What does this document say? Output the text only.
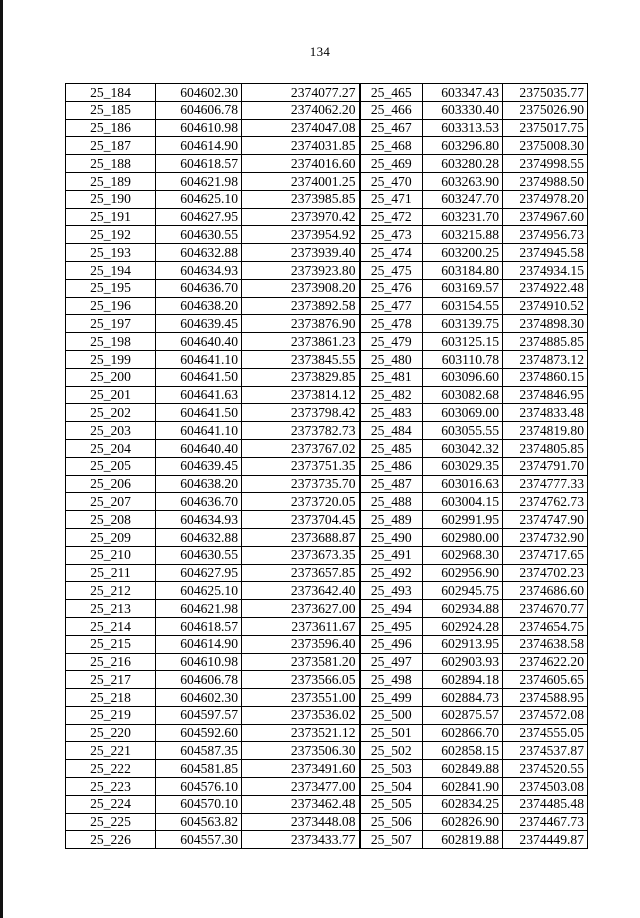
134
25_184	604602.30	2374077.27	25_465	603347.43	2375035.77
25_185	604606.78	2374062.20	25_466	603330.40	2375026.90
25_186	604610.98	2374047.08	25_467	603313.53	2375017.75
25_187	604614.90	2374031.85	25_468	603296.80	2375008.30
25_188	604618.57	2374016.60	25_469	603280.28	2374998.55
25_189	604621.98	2374001.25	25_470	603263.90	2374988.50
25_190	604625.10	2373985.85	25_471	603247.70	2374978.20
25_191	604627.95	2373970.42	25_472	603231.70	2374967.60
25_192	604630.55	2373954.92	25_473	603215.88	2374956.73
25_193	604632.88	2373939.40	25_474	603200.25	2374945.58
25_194	604634.93	2373923.80	25_475	603184.80	2374934.15
25_195	604636.70	2373908.20	25_476	603169.57	2374922.48
25_196	604638.20	2373892.58	25_477	603154.55	2374910.52
25_197	604639.45	2373876.90	25_478	603139.75	2374898.30
25_198	604640.40	2373861.23	25_479	603125.15	2374885.85
25_199	604641.10	2373845.55	25_480	603110.78	2374873.12
25_200	604641.50	2373829.85	25_481	603096.60	2374860.15
25_201	604641.63	2373814.12	25_482	603082.68	2374846.95
25_202	604641.50	2373798.42	25_483	603069.00	2374833.48
25_203	604641.10	2373782.73	25_484	603055.55	2374819.80
25_204	604640.40	2373767.02	25_485	603042.32	2374805.85
25_205	604639.45	2373751.35	25_486	603029.35	2374791.70
25_206	604638.20	2373735.70	25_487	603016.63	2374777.33
25_207	604636.70	2373720.05	25_488	603004.15	2374762.73
25_208	604634.93	2373704.45	25_489	602991.95	2374747.90
25_209	604632.88	2373688.87	25_490	602980.00	2374732.90
25_210	604630.55	2373673.35	25_491	602968.30	2374717.65
25_211	604627.95	2373657.85	25_492	602956.90	2374702.23
25_212	604625.10	2373642.40	25_493	602945.75	2374686.60
25_213	604621.98	2373627.00	25_494	602934.88	2374670.77
25_214	604618.57	2373611.67	25_495	602924.28	2374654.75
25_215	604614.90	2373596.40	25_496	602913.95	2374638.58
25_216	604610.98	2373581.20	25_497	602903.93	2374622.20
25_217	604606.78	2373566.05	25_498	602894.18	2374605.65
25_218	604602.30	2373551.00	25_499	602884.73	2374588.95
25_219	604597.57	2373536.02	25_500	602875.57	2374572.08
25_220	604592.60	2373521.12	25_501	602866.70	2374555.05
25_221	604587.35	2373506.30	25_502	602858.15	2374537.87
25_222	604581.85	2373491.60	25_503	602849.88	2374520.55
25_223	604576.10	2373477.00	25_504	602841.90	2374503.08
25_224	604570.10	2373462.48	25_505	602834.25	2374485.48
25_225	604563.82	2373448.08	25_506	602826.90	2374467.73
25_226	604557.30	2373433.77	25_507	602819.88	2374449.87
